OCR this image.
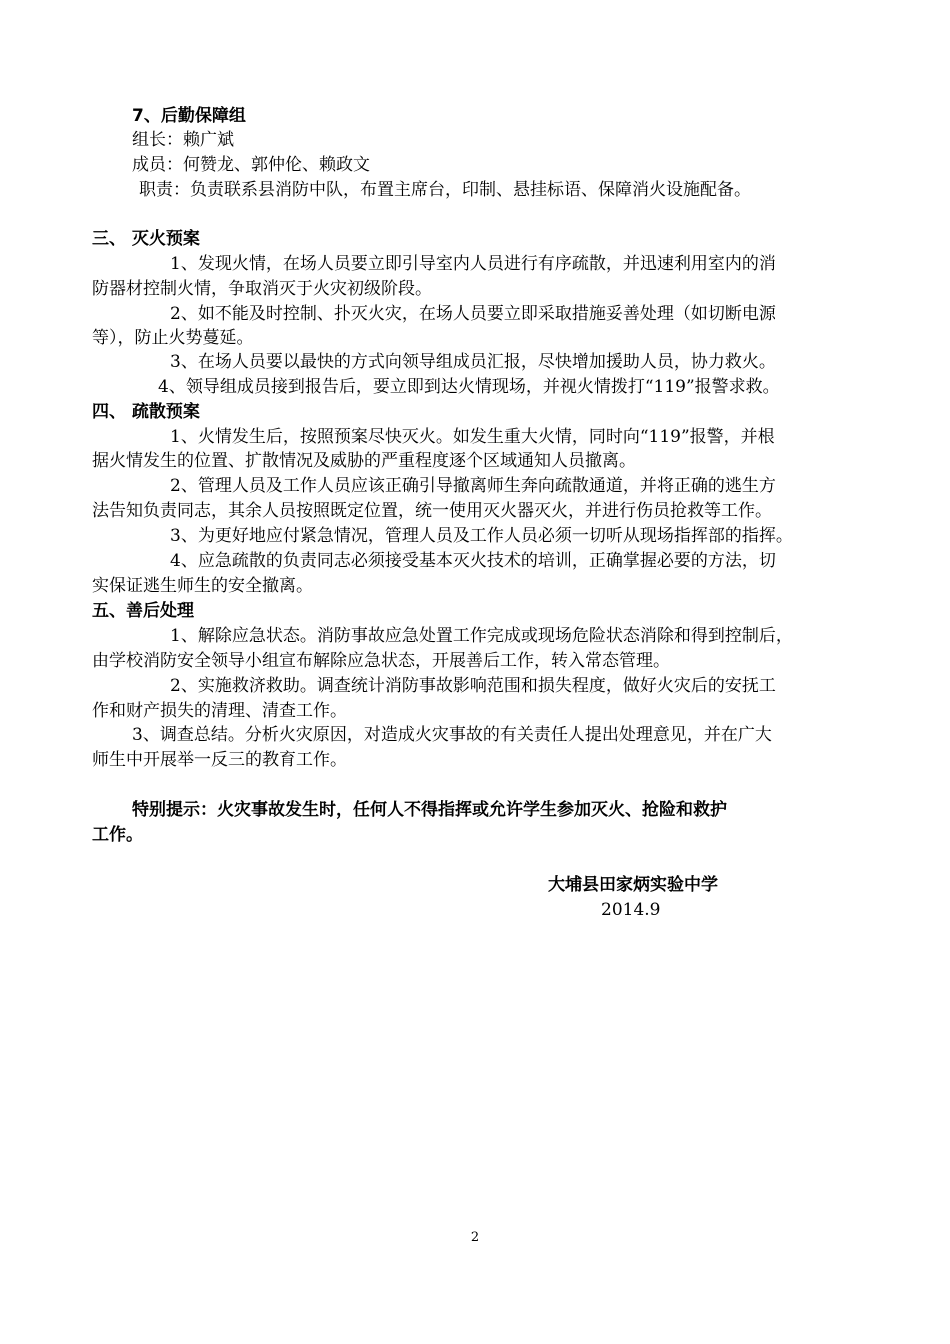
7、后勤保障组
组长：赖广斌
成员：何赞龙、郭仲伦、赖政文
职责：负责联系县消防中队，布置主席台，印制、悬挂标语、保障消火设施配备。
三、 灭火预案
1、发现火情，在场人员要立即引导室内人员进行有序疏散，并迅速利用室内的消
防器材控制火情，争取消灭于火灾初级阶段。
2、如不能及时控制、扑灭火灾，在场人员要立即采取措施妥善处理（如切断电源
等），防止火势蔓延。
3、在场人员要以最快的方式向领导组成员汇报，尽快增加援助人员，协力救火。
4、领导组成员接到报告后，要立即到达火情现场，并视火情拨打“119”报警求救。
四、 疏散预案
1、火情发生后，按照预案尽快灭火。如发生重大火情，同时向“119”报警，并根
据火情发生的位置、扩散情况及威胁的严重程度逐个区域通知人员撤离。
2、管理人员及工作人员应该正确引导撤离师生奔向疏散通道，并将正确的逃生方
法告知负责同志，其余人员按照既定位置，统一使用灭火器灭火，并进行伤员抢救等工作。
3、为更好地应付紧急情况，管理人员及工作人员必须一切听从现场指挥部的指挥。
4、应急疏散的负责同志必须接受基本灭火技术的培训，正确掌握必要的方法，切
实保证逃生师生的安全撤离。
五、善后处理
1、解除应急状态。消防事故应急处置工作完成或现场危险状态消除和得到控制后，
由学校消防安全领导小组宣布解除应急状态，开展善后工作，转入常态管理。
2、实施救济救助。调查统计消防事故影响范围和损失程度，做好火灾后的安抚工
作和财产损失的清理、清查工作。
3、调查总结。分析火灾原因，对造成火灾事故的有关责任人提出处理意见，并在广大
师生中开展举一反三的教育工作。
特别提示：火灾事故发生时，任何人不得指挥或允许学生参加灭火、抢险和救护
工作。
大埔县田家炳实验中学
2014.9
2
